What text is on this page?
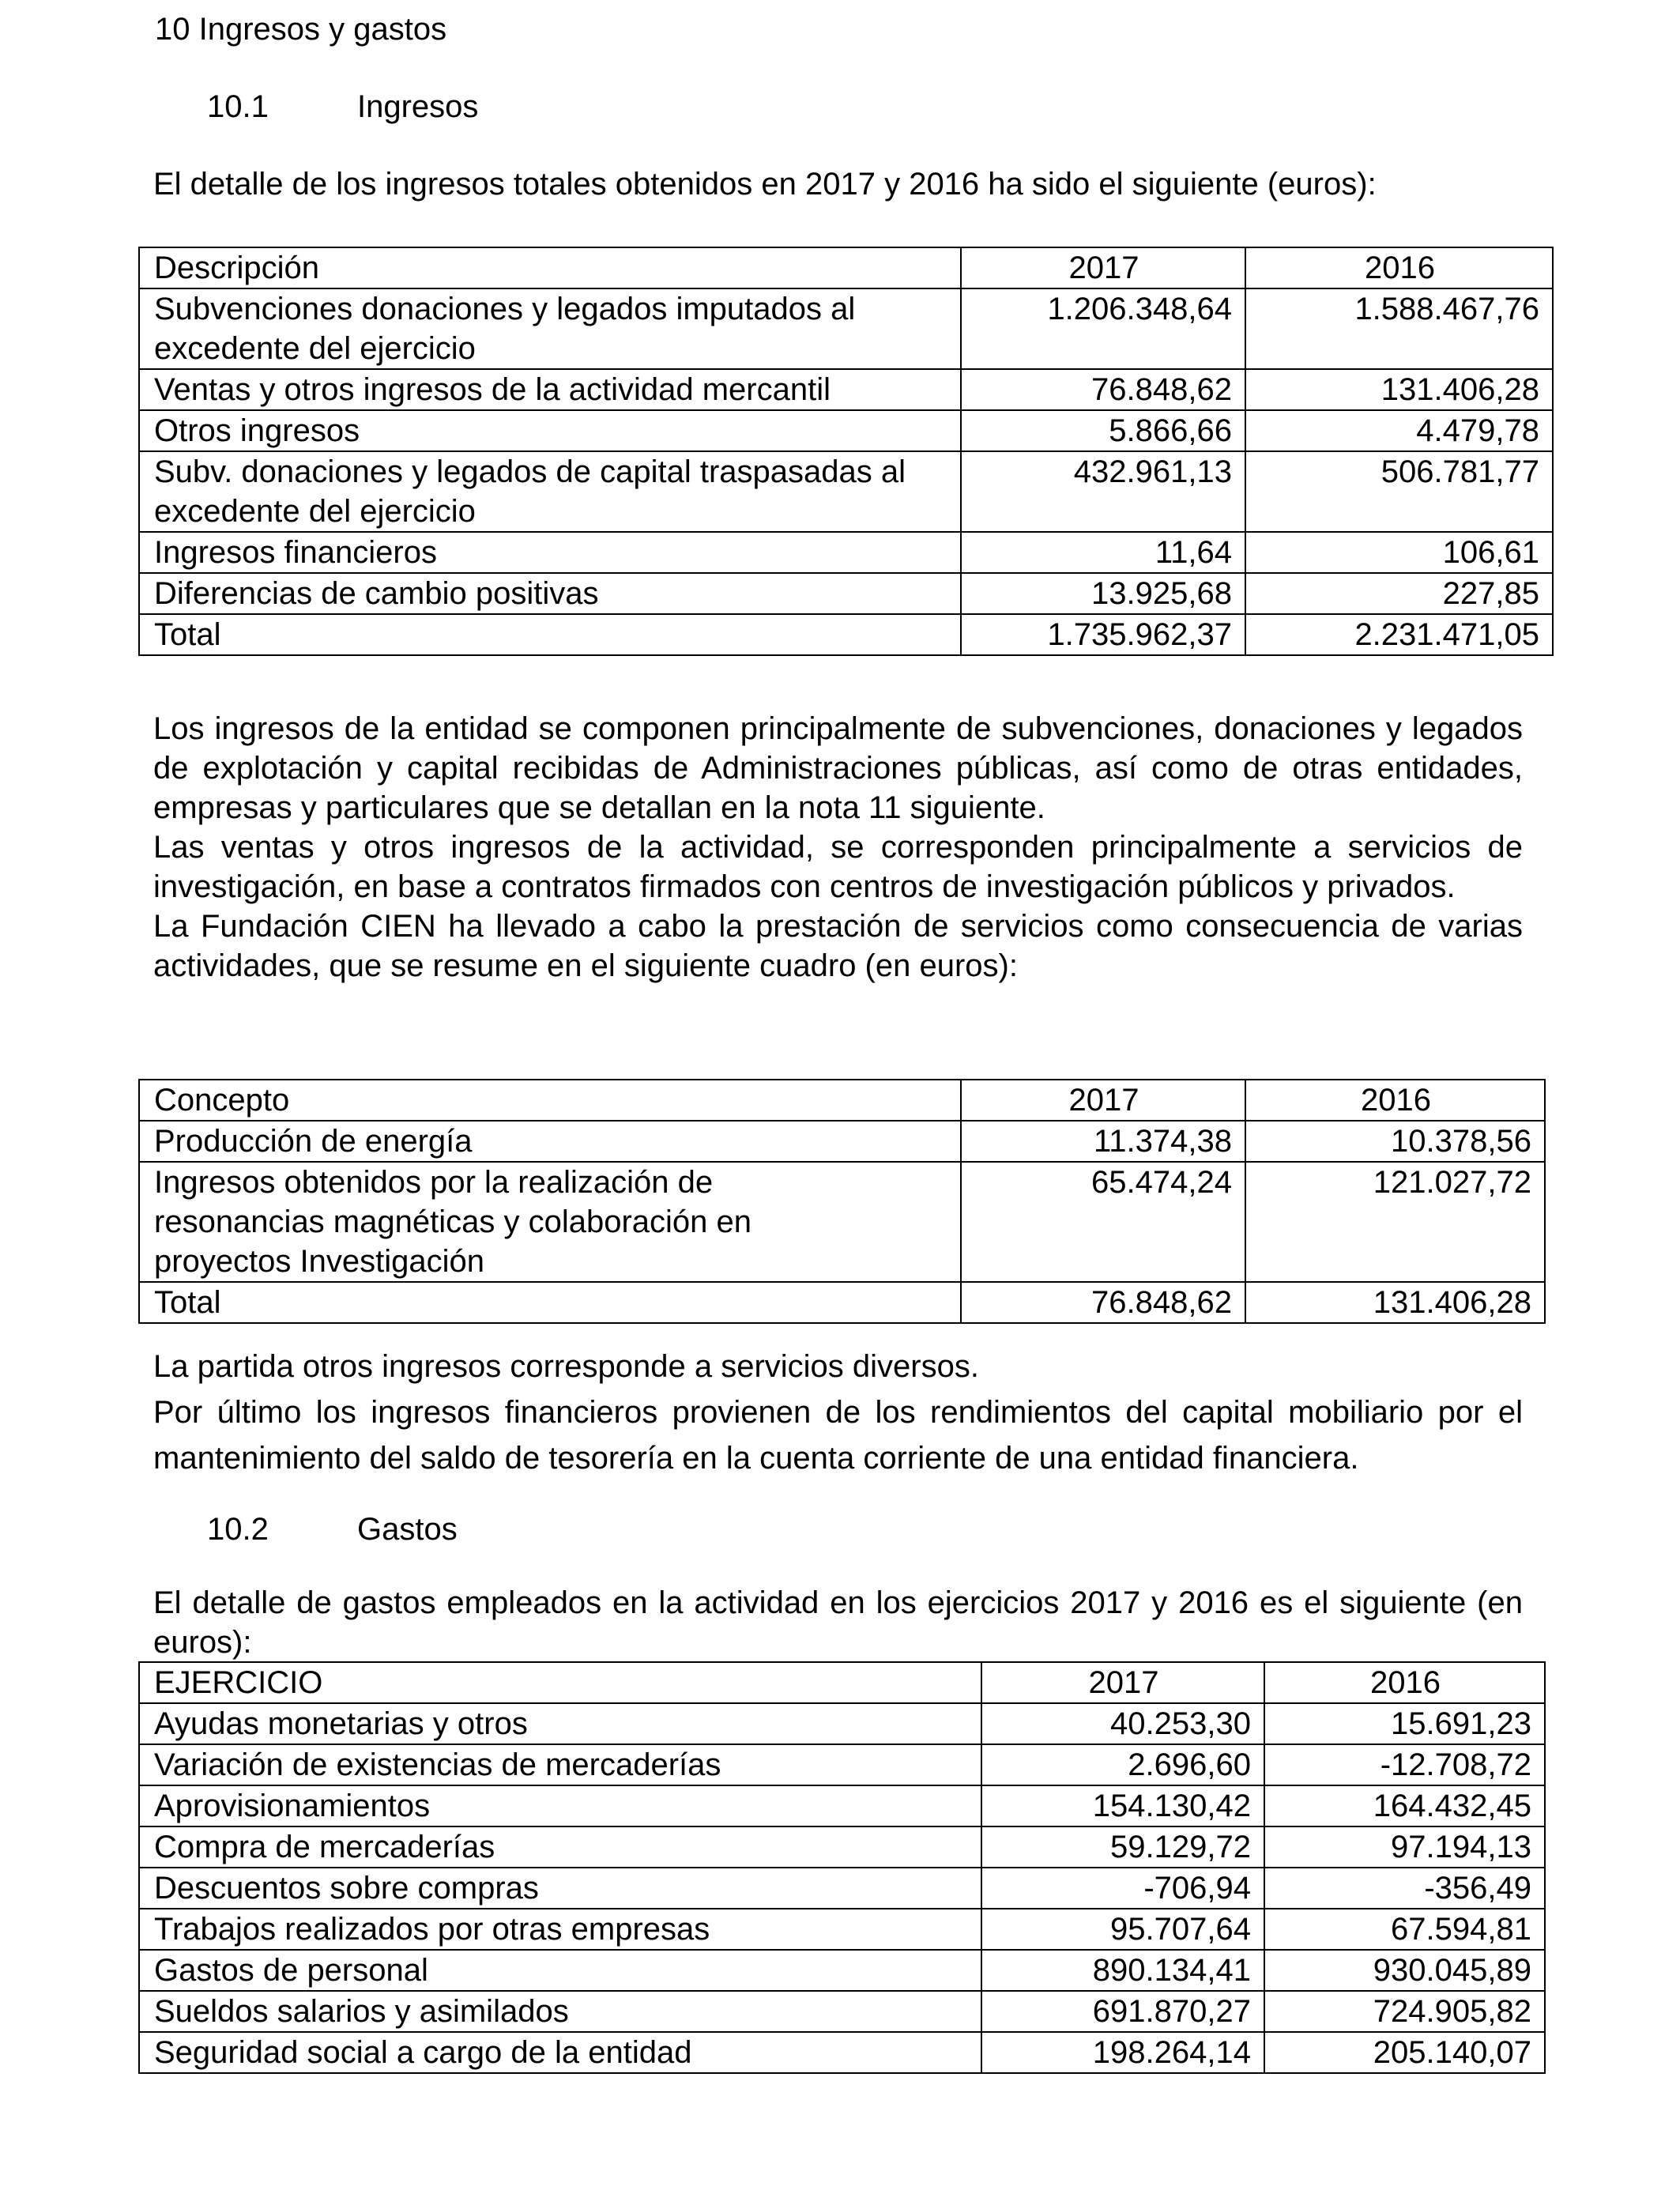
10 Ingresos y gastos
10.1	Ingresos
El detalle de los ingresos totales obtenidos en 2017 y 2016 ha sido el siguiente (euros):
Descripción	2017	2016
Subvenciones donaciones y legados imputados al excedente del ejercicio	1.206.348,64	1.588.467,76
Ventas y otros ingresos de la actividad mercantil	76.848,62	131.406,28
Otros ingresos	5.866,66	4.479,78
Subv. donaciones y legados de capital traspasadas al excedente del ejercicio	432.961,13	506.781,77
Ingresos financieros	11,64	106,61
Diferencias de cambio positivas	13.925,68	227,85
Total	1.735.962,37	2.231.471,05

Los ingresos de la entidad se componen principalmente de subvenciones, donaciones y legados de explotación y capital recibidas de Administraciones públicas, así como de otras entidades, empresas y particulares que se detallan en la nota 11 siguiente.

Las ventas y otros ingresos de la actividad, se corresponden principalmente a servicios de investigación, en base a contratos firmados con centros de investigación públicos y privados.

La Fundación CIEN ha llevado a cabo la prestación de servicios como consecuencia de varias actividades, que se resume en el siguiente cuadro (en euros):

Concepto	2017	2016
Producción de energía	11.374,38	10.378,56
Ingresos obtenidos por la realización de resonancias magnéticas y colaboración en proyectos Investigación	65.474,24	121.027,72
Total	76.848,62	131.406,28

La partida otros ingresos corresponde a servicios diversos.

Por último los ingresos financieros provienen de los rendimientos del capital mobiliario por el mantenimiento del saldo de tesorería en la cuenta corriente de una entidad financiera.

10.2	Gastos
El detalle de gastos empleados en la actividad en los ejercicios 2017 y 2016 es el siguiente (en euros):
EJERCICIO	2017	2016
Ayudas monetarias y otros	40.253,30	15.691,23
Variación de existencias de mercaderías	2.696,60	-12.708,72
Aprovisionamientos	154.130,42	164.432,45
Compra de mercaderías	59.129,72	97.194,13
Descuentos sobre compras	-706,94	-356,49
Trabajos realizados por otras empresas	95.707,64	67.594,81
Gastos de personal	890.134,41	930.045,89
Sueldos salarios y asimilados	691.870,27	724.905,82
Seguridad social a cargo de la entidad	198.264,14	205.140,07
